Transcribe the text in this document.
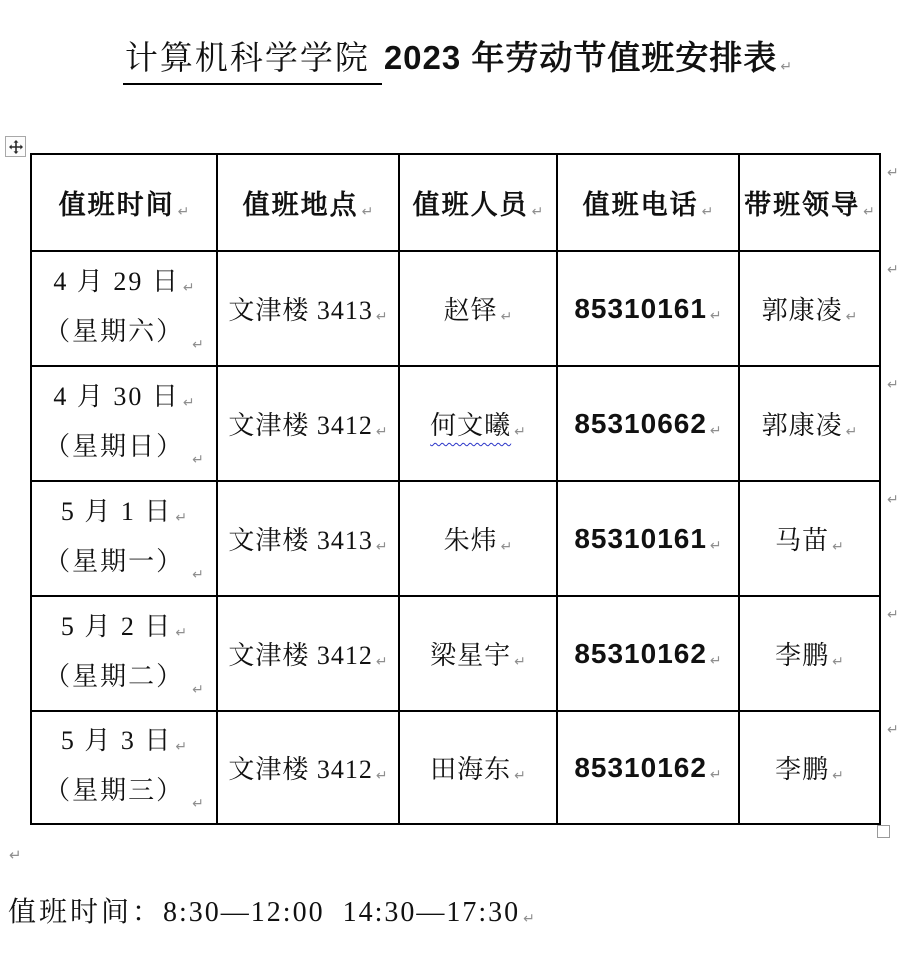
计算机科学学院 2023 年劳动节值班安排表 ↵
值班时间 ↵	值班地点 ↵	值班人员 ↵	值班电话 ↵	带班领导 ↵

4 月 29 日 ↵
（星期六） $_↵$	文津楼 3413 ↵	赵铎 ↵	85310161 ↵	郭康凌 ↵

4 月 30 日 ↵
（星期日） $_↵$	文津楼 3412 ↵	何文曦 ↵	85310662 ↵	郭康凌 ↵

5 月 1 日 ↵
（星期一） $_↵$	文津楼 3413 ↵	朱炜 ↵	85310161 ↵	马苗 ↵

5 月 2 日 ↵
（星期二） $_↵$	文津楼 3412 ↵	梁星宇 ↵	85310162 ↵	李鹏 ↵

5 月 3 日 ↵
（星期三） $_↵$	文津楼 3412 ↵	田海东 ↵	85310162 ↵	李鹏 ↵
↵
↵
↵
↵
↵
↵
↵
值班时间：8:30—12:00  14:30—17:30 ↵
